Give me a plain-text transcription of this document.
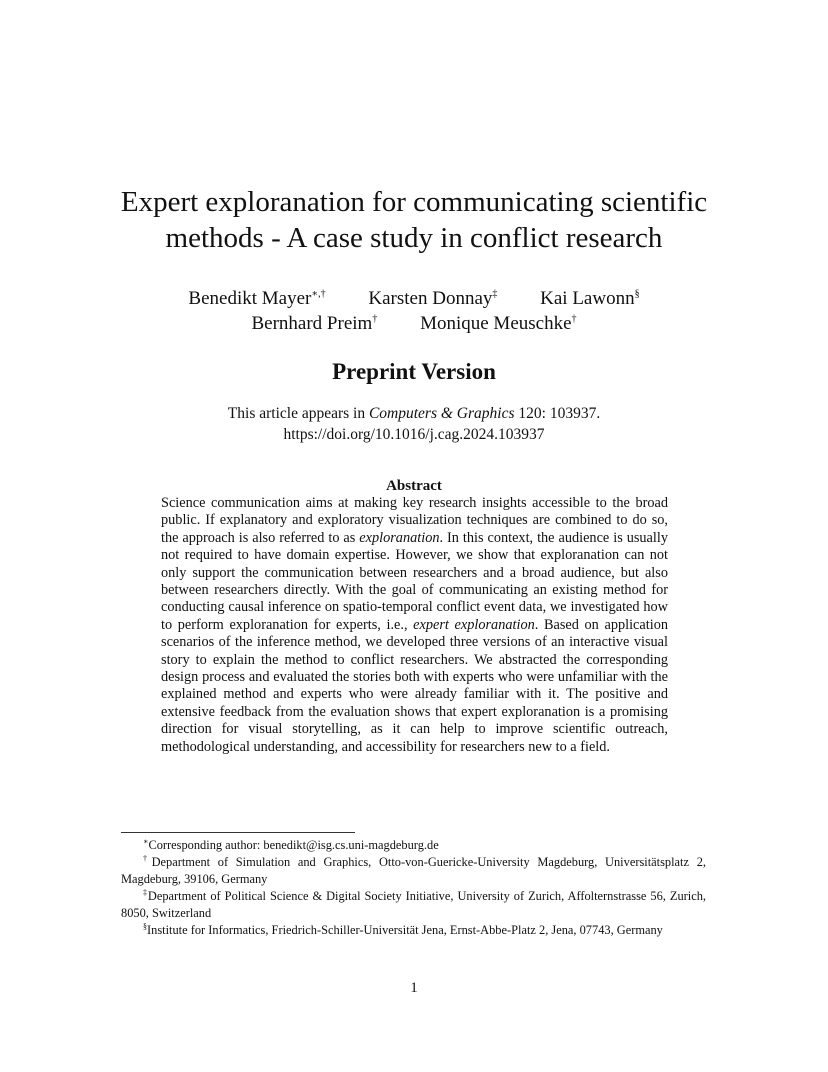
Expert exploranation for communicating scientific
methods - A case study in conflict research
Benedikt Mayer∗,† Karsten Donnay‡ Kai Lawonn§
Bernhard Preim† Monique Meuschke†
Preprint Version
This article appears in Computers & Graphics 120: 103937.
https://doi.org/10.1016/j.cag.2024.103937
Abstract

Science communication aims at making key research insights accessible to the broad public. If explanatory and exploratory visualization techniques are combined to do so, the approach is also referred to as exploranation. In this context, the audience is usually not required to have domain expertise. However, we show that exploranation can not only support the communication between researchers and a broad audience, but also between researchers directly. With the goal of communicating an existing method for conducting causal inference on spatio-temporal conflict event data, we investigated how to perform exploranation for experts, i.e., expert exploranation. Based on application scenarios of the inference method, we developed three versions of an interactive visual story to explain the method to conflict researchers. We abstracted the corresponding design process and evaluated the stories both with experts who were unfamiliar with the explained method and experts who were already familiar with it. The positive and extensive feedback from the evaluation shows that expert exploranation is a promising direction for visual storytelling, as it can help to improve scientific outreach, methodological understanding, and accessibility for researchers new to a field.

∗Corresponding author: benedikt@isg.cs.uni-magdeburg.de

†Department of Simulation and Graphics, Otto-von-Guericke-University Magdeburg, Universitätsplatz 2, Magdeburg, 39106, Germany

‡Department of Political Science & Digital Society Initiative, University of Zurich, Affolternstrasse 56, Zurich, 8050, Switzerland

§Institute for Informatics, Friedrich-Schiller-Universität Jena, Ernst-Abbe-Platz 2, Jena, 07743, Germany

1
